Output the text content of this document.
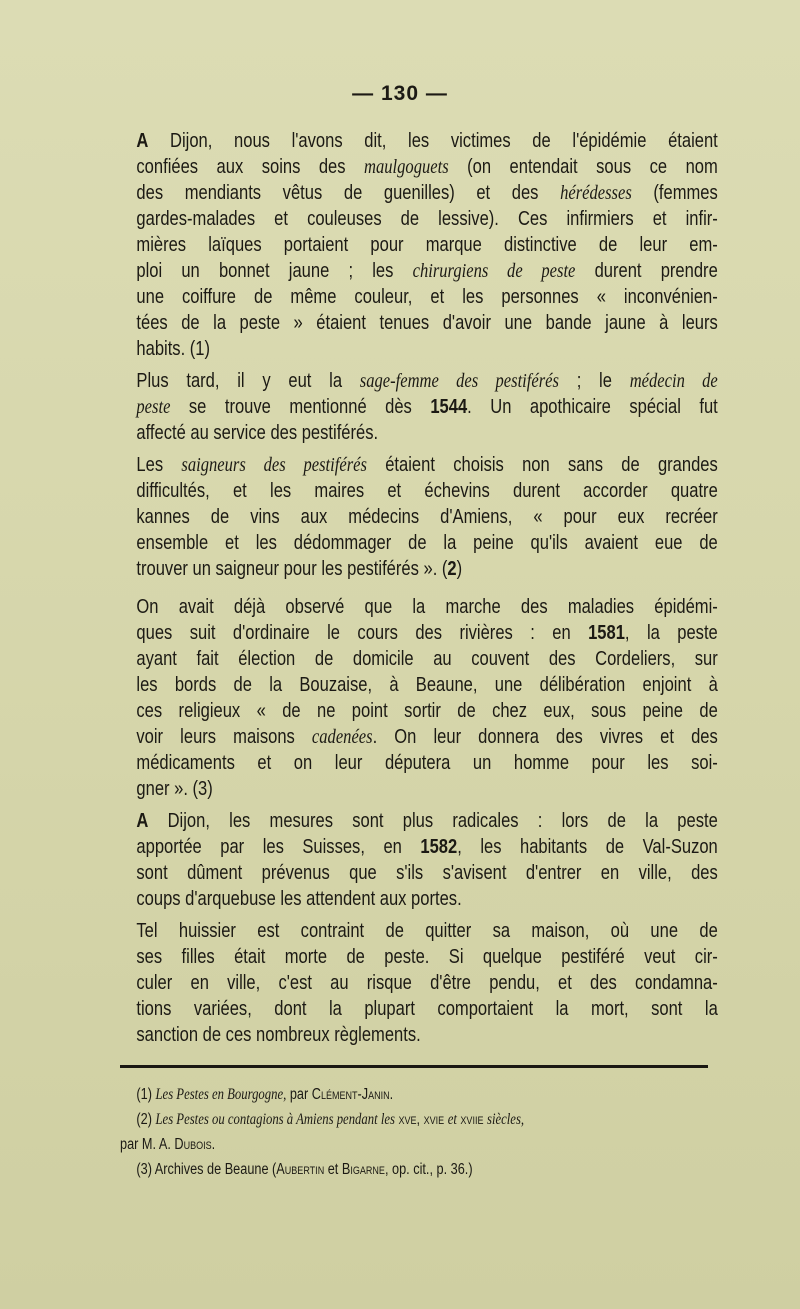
— 130 —
A Dijon, nous l'avons dit, les victimes de l'épidémie étaient
confiées aux soins des maulgoguets (on entendait sous ce nom
des mendiants vêtus de guenilles) et des hérédesses (femmes
gardes-malades et couleuses de lessive). Ces infirmiers et infir-
mières laïques portaient pour marque distinctive de leur em-
ploi un bonnet jaune ; les chirurgiens de peste durent prendre
une coiffure de même couleur, et les personnes « inconvénien-
tées de la peste » étaient tenues d'avoir une bande jaune à leurs
habits. (1)
Plus tard, il y eut la sage-femme des pestiférés ; le médecin de
peste se trouve mentionné dès 1544. Un apothicaire spécial fut
affecté au service des pestiférés.
Les saigneurs des pestiférés étaient choisis non sans de grandes
difficultés, et les maires et échevins durent accorder quatre
kannes de vins aux médecins d'Amiens, « pour eux recréer
ensemble et les dédommager de la peine qu'ils avaient eue de
trouver un saigneur pour les pestiférés ». (2)
On avait déjà observé que la marche des maladies épidémi-
ques suit d'ordinaire le cours des rivières : en 1581, la peste
ayant fait élection de domicile au couvent des Cordeliers, sur
les bords de la Bouzaise, à Beaune, une délibération enjoint à
ces religieux « de ne point sortir de chez eux, sous peine de
voir leurs maisons cadenées. On leur donnera des vivres et des
médicaments et on leur députera un homme pour les soi-
gner ». (3)
A Dijon, les mesures sont plus radicales : lors de la peste
apportée par les Suisses, en 1582, les habitants de Val-Suzon
sont dûment prévenus que s'ils s'avisent d'entrer en ville, des
coups d'arquebuse les attendent aux portes.
Tel huissier est contraint de quitter sa maison, où une de
ses filles était morte de peste. Si quelque pestiféré veut cir-
culer en ville, c'est au risque d'être pendu, et des condamna-
tions variées, dont la plupart comportaient la mort, sont la
sanction de ces nombreux règlements.

(1) Les Pestes en Bourgogne, par Clément-Janin.

(2) Les Pestes ou contagions à Amiens pendant les xve, xvie et xviie siècles,

par M. A. Dubois.

(3) Archives de Beaune (Aubertin et Bigarne, op. cit., p. 36.)
